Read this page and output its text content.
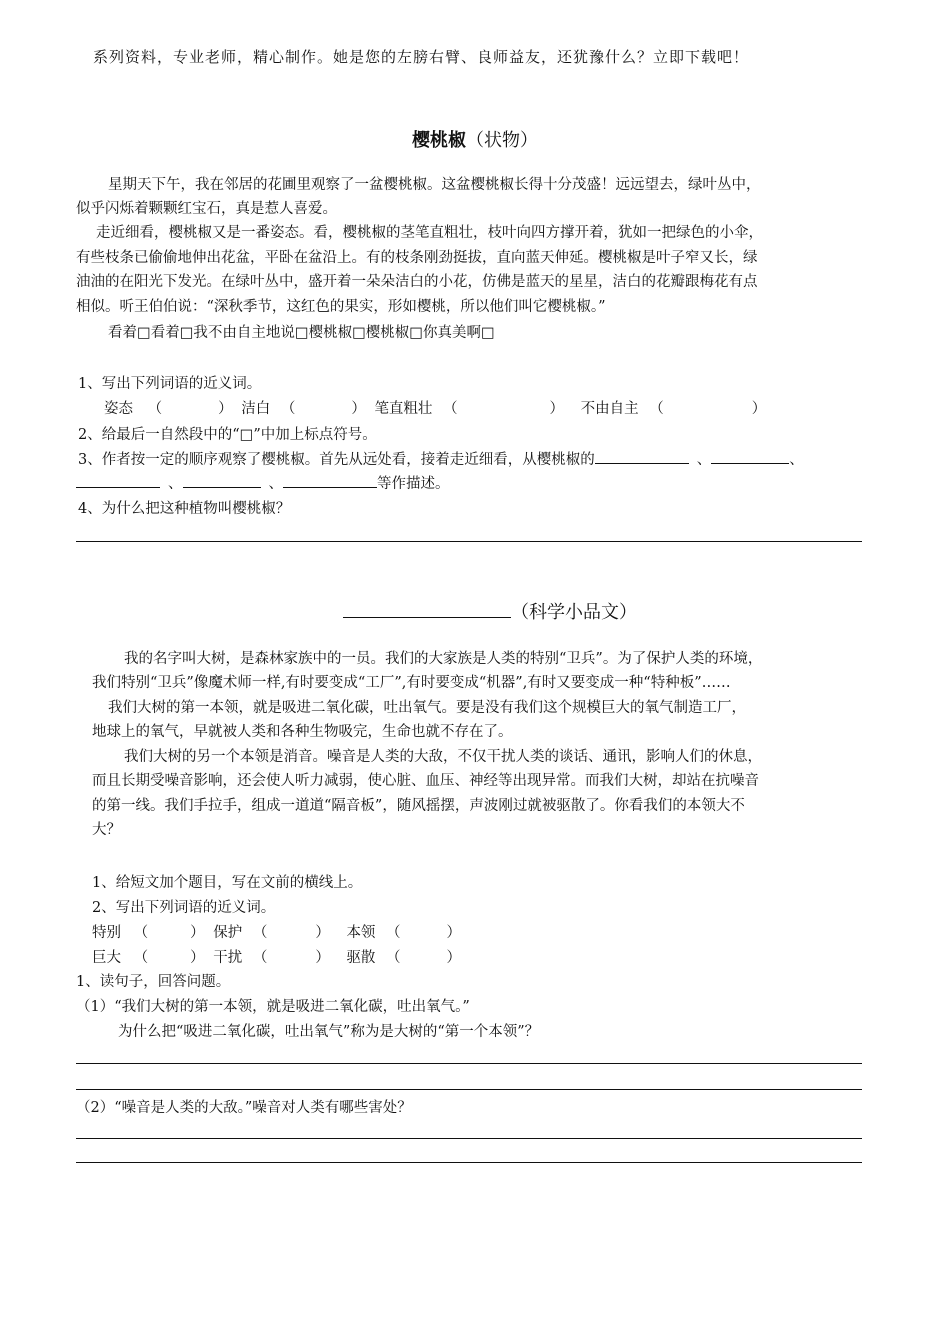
系列资料，专业老师，精心制作。她是您的左膀右臂、良师益友，还犹豫什么？立即下载吧！
樱桃椒（状物）
星期天下午，我在邻居的花圃里观察了一盆樱桃椒。这盆樱桃椒长得十分茂盛！远远望去，绿叶丛中，
似乎闪烁着颗颗红宝石，真是惹人喜爱。
走近细看，樱桃椒又是一番姿态。看，樱桃椒的茎笔直粗壮，枝叶向四方撑开着，犹如一把绿色的小伞，
有些枝条已偷偷地伸出花盆，平卧在盆沿上。有的枝条刚劲挺拔，直向蓝天伸延。樱桃椒是叶子窄又长，绿
油油的在阳光下发光。在绿叶丛中，盛开着一朵朵洁白的小花，仿佛是蓝天的星星，洁白的花瓣跟梅花有点
相似。听王伯伯说：“深秋季节，这红色的果实，形如樱桃，所以他们叫它樱桃椒。”
看着□看着□我不由自主地说□樱桃椒□樱桃椒□你真美啊□
1、写出下列词语的近义词。
姿态 （	） 洁白 （	） 笔直粗壮 （	） 不由自主 （	）
2、给最后一自然段中的“□”中加上标点符号。
3、作者按一定的顺序观察了樱桃椒。首先从远处看，接着走近细看，从樱桃椒的	、	、
、	、	等作描述。
4、为什么把这种植物叫樱桃椒？
（科学小品文）
我的名字叫大树，是森林家族中的一员。我们的大家族是人类的特别“卫兵”。为了保护人类的环境，
我们特别“卫兵”像魔术师一样,有时要变成“工厂”,有时要变成“机器”,有时又要变成一种“特种板”……
我们大树的第一本领，就是吸进二氧化碳，吐出氧气。要是没有我们这个规模巨大的氧气制造工厂，
地球上的氧气，早就被人类和各种生物吸完，生命也就不存在了。
我们大树的另一个本领是消音。噪音是人类的大敌，不仅干扰人类的谈话、通讯，影响人们的休息，
而且长期受噪音影响，还会使人听力减弱，使心脏、血压、神经等出现异常。而我们大树，却站在抗噪音
的第一线。我们手拉手，组成一道道“隔音板”，随风摇摆，声波刚过就被驱散了。你看我们的本领大不
大？
1、给短文加个题目，写在文前的横线上。
2、写出下列词语的近义词。
特别 （	） 保护 （	） 本领 （	）
巨大 （	） 干扰 （	） 驱散 （	）
1、读句子，回答问题。
（1）“我们大树的第一本领，就是吸进二氧化碳，吐出氧气。”
为什么把“吸进二氧化碳，吐出氧气”称为是大树的“第一个本领”？
（2）“噪音是人类的大敌。”噪音对人类有哪些害处？
